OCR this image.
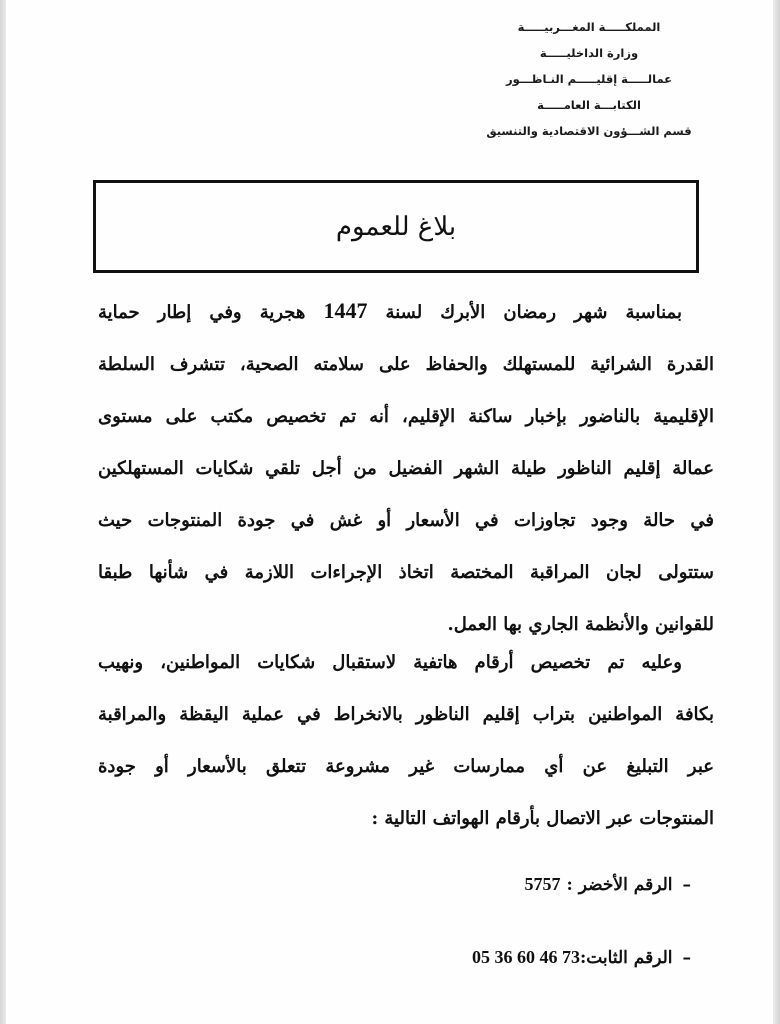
المملكـــــة المغـــربيـــــة
وزارة الداخليـــــة
عمالـــــة إقليـــــم النـاظـــور
الكتابـــة العامـــــة
قسم الشـــؤون الاقتصادية والتنسيق
بلاغ للعموم
بمناسبة شهر رمضان الأبرك لسنة 1447 هجرية وفي إطار حماية
القدرة الشرائية للمستهلك والحفاظ على سلامته الصحية، تتشرف السلطة
الإقليمية بالناضور بإخبار ساكنة الإقليم، أنه تم تخصيص مكتب على مستوى
عمالة إقليم الناظور طيلة الشهر الفضيل من أجل تلقي شكايات المستهلكين
في حالة وجود تجاوزات في الأسعار أو غش في جودة المنتوجات حيث
ستتولى لجان المراقبة المختصة اتخاذ الإجراءات اللازمة في شأنها طبقا
للقوانين والأنظمة الجاري بها العمل.
وعليه تم تخصيص أرقام هاتفية لاستقبال شكايات المواطنين، ونهيب
بكافة المواطنين بتراب إقليم الناظور بالانخراط في عملية اليقظة والمراقبة
عبر التبليغ عن أي ممارسات غير مشروعة تتعلق بالأسعار أو جودة
المنتوجات عبر الاتصال بأرقام الهواتف التالية :
–الرقم الأخضر:5757
–الرقم الثابت:05 36 60 46 73
